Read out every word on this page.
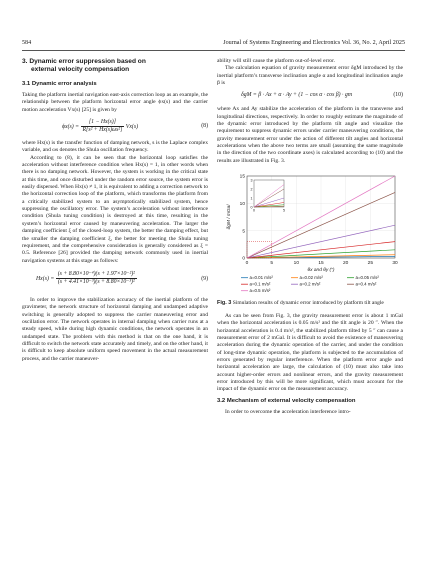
584	Journal of Systems Engineering and Electronics Vol. 36, No. 2, April 2025
3. Dynamic error suppression based on
external velocity compensation
3.1 Dynamic error analysis

Taking the platform inertial navigation east-axis correction loop as an example, the relationship between the platform horizontal error angle ϕx(s) and the carrier motion acceleration Vx(s) [25] is given by

$\phi x(s) = \frac{[1 - Hx(s)]}{\text{R[s² + Hx(s)ωs²]}} Vx(s)$	(8)

where Hx(s) is the transfer function of damping network, s is the Laplace complex variable, and ωs denotes the Shula oscillation frequency.

According to (8), it can be seen that the horizontal loop satisfies the acceleration without interference condition when Hx(s) = 1, in other words when there is no damping network. However, the system is working in the critical state at this time, and once disturbed under the random error source, the system error is easily dispersed. When Hx(s) ≠ 1, it is equivalent to adding a correction network to the horizontal correction loop of the platform, which transforms the platform from a critically stabilized system to an asymptotically stabilized system, hence suppressing the oscillatory error. The system’s acceleration without interference condition (Shula tuning condition) is destroyed at this time, resulting in the system’s horizontal error caused by maneuvering acceleration. The larger the damping coefficient ξ of the closed-loop system, the better the damping effect, but the smaller the damping coefficient ξ, the better for meeting the Shula tuning requirement, and the comprehensive consideration is generally considered as ξ = 0.5. Reference [26] provided the damping network commonly used in inertial navigation systems at this stage as follows:

$Hx(s) = \frac{\text{(s + 8.80×10⁻⁴)(s + 1.97×10⁻²)²}}{\text{(s + 4.41×10⁻³)(s + 8.80×10⁻³)²}}$	(9)

In order to improve the stabilization accuracy of the inertial platform of the gravimeter, the network structure of horizontal damping and undamped adaptive switching is generally adopted to suppress the carrier maneuvering error and oscillation error. The network operates in internal damping when carrier runs at a steady speed, while during high dynamic conditions, the network operates in an undamped state. The problem with this method is that on the one hand, it is difficult to switch the network state accurately and timely, and on the other hand, it is difficult to keep absolute uniform speed movement in the actual measurement process, and the carrier maneuver-

ability will still cause the platform out-of-level error.

The calculation equation of gravity measurement error δgM introduced by the inertial platform’s transverse inclination angle α and longitudinal inclination angle β is

δgM = β · Ax + α · Ay + (1 − cos α · cos β) · gm	(10)

where Ax and Ay stabilize the acceleration of the platform in the transverse and longitudinal directions, respectively. In order to roughly estimate the magnitude of the dynamic error introduced by the platform tilt angle and visualize the requirement to suppress dynamic errors under carrier maneuvering conditions, the gravity measurement error under the action of different tilt angles and horizontal accelerations when the above two terms are small (assuming the same magnitude in the direction of the two coordinate axes) is calculated according to (10) and the results are illustrated in Fig. 3.

0	5	10	15	20	25	30
0
5
10
15
θx and θy (″)
δgM / mGal	0
1
2
3
0	5
a=0.01 m/s²	a=0.02 m/s²	a=0.05 m/s²
a=0.1 m/s²	a=0.2 m/s²	a=0.4 m/s²
a=0.5 m/s²
Fig. 3 Simulation results of dynamic error introduced by platform tilt angle

As can be seen from Fig. 3, the gravity measurement error is about 1 mGal when the horizontal acceleration is 0.05 m/s² and the tilt angle is 20 ″. When the horizontal acceleration is 0.4 m/s², the stabilized platform tilted by 5 ″ can cause a measurement error of 2 mGal. It is difficult to avoid the existence of maneuvering acceleration during the dynamic operation of the carrier, and under the condition of long-time dynamic operation, the platform is subjected to the accumulation of errors generated by regular interference. When the platform error angle and horizontal acceleration are large, the calculation of (10) must also take into account higher-order errors and nonlinear errors, and the gravity measurement error introduced by this will be more significant, which must account for the impact of the dynamic error on the measurement accuracy.

3.2 Mechanism of external velocity compensation

In order to overcome the acceleration interference intro-
